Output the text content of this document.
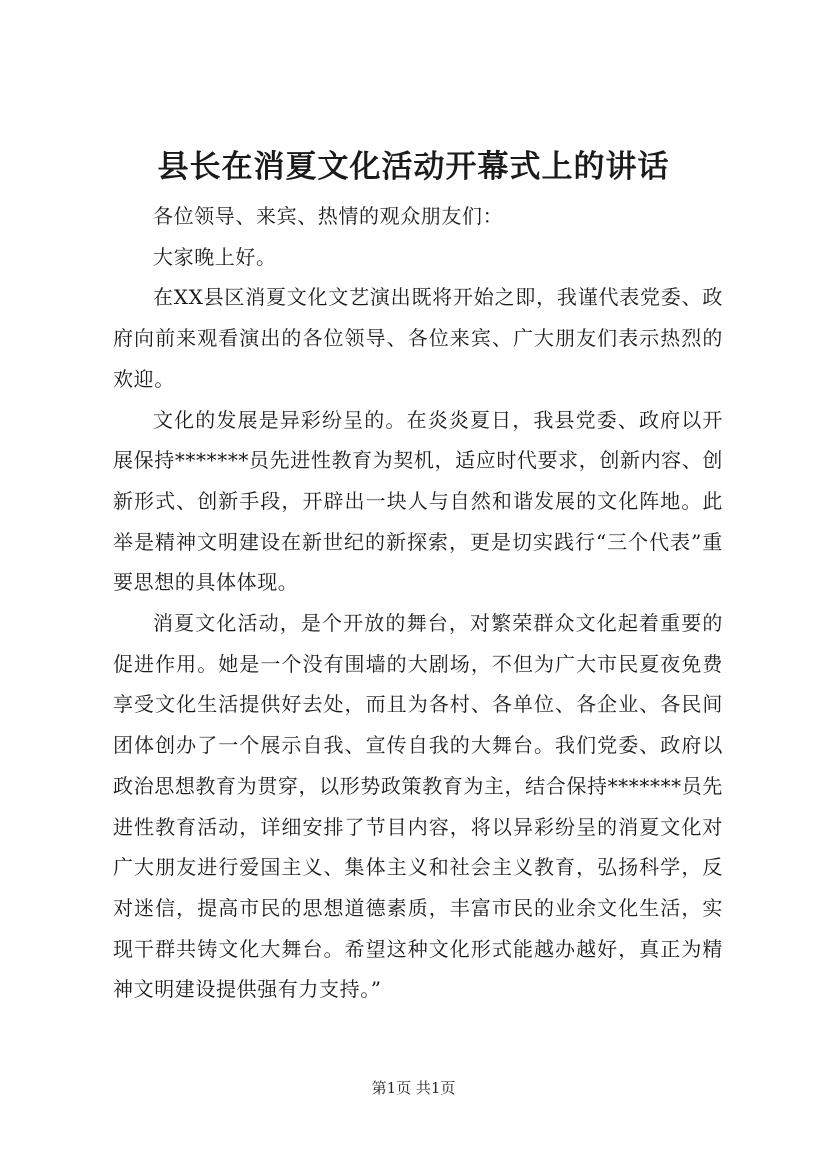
县长在消夏文化活动开幕式上的讲话

各位领导、来宾、热情的观众朋友们：

大家晚上好。

在XX县区消夏文化文艺演出既将开始之即，我谨代表党委、政府向前来观看演出的各位领导、各位来宾、广大朋友们表示热烈的欢迎。

文化的发展是异彩纷呈的。在炎炎夏日，我县党委、政府以开展保持*******员先进性教育为契机，适应时代要求，创新内容、创新形式、创新手段，开辟出一块人与自然和谐发展的文化阵地。此举是精神文明建设在新世纪的新探索，更是切实践行“三个代表”重要思想的具体体现。

消夏文化活动，是个开放的舞台，对繁荣群众文化起着重要的促进作用。她是一个没有围墙的大剧场，不但为广大市民夏夜免费享受文化生活提供好去处，而且为各村、各单位、各企业、各民间团体创办了一个展示自我、宣传自我的大舞台。我们党委、政府以政治思想教育为贯穿，以形势政策教育为主，结合保持*******员先进性教育活动，详细安排了节目内容，将以异彩纷呈的消夏文化对广大朋友进行爱国主义、集体主义和社会主义教育，弘扬科学，反对迷信，提高市民的思想道德素质，丰富市民的业余文化生活，实现干群共铸文化大舞台。希望这种文化形式能越办越好，真正为精神文明建设提供强有力支持。”

第1页 共1页
